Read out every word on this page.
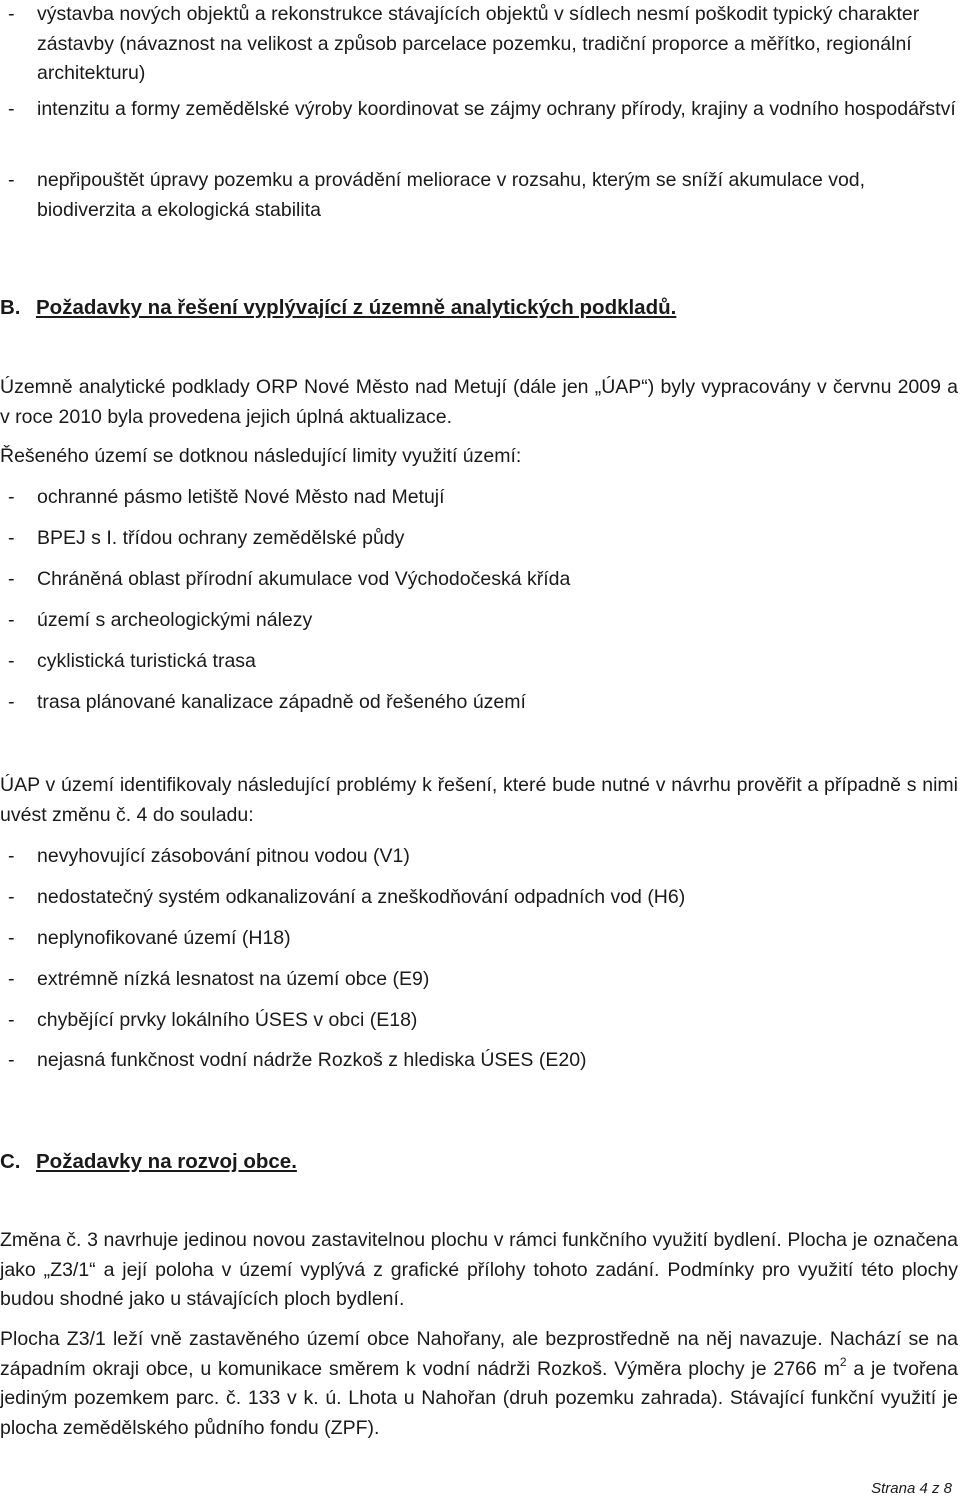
-	výstavba nových objektů a rekonstrukce stávajících objektů v sídlech nesmí poškodit typický charakter zástavby (návaznost na velikost a způsob parcelace pozemku, tradiční proporce a měřítko, regionální architekturu)
-	intenzitu a formy zemědělské výroby koordinovat se zájmy ochrany přírody, krajiny a vodního hospodářství
-	nepřipouštět úpravy pozemku a provádění meliorace v rozsahu, kterým se sníží akumulace vod, biodiverzita a ekologická stabilita
B. Požadavky na řešení vyplývající z územně analytických podkladů.

Územně analytické podklady ORP Nové Město nad Metují (dále jen „ÚAP“) byly vypracovány v červnu 2009 a v roce 2010 byla provedena jejich úplná aktualizace.

Řešeného území se dotknou následující limity využití území:

- ochranné pásmo letiště Nové Město nad Metují
- BPEJ s I. třídou ochrany zemědělské půdy
- Chráněná oblast přírodní akumulace vod Východočeská křída
- území s archeologickými nálezy
- cyklistická turistická trasa
- trasa plánované kanalizace západně od řešeného území

ÚAP v území identifikovaly následující problémy k řešení, které bude nutné v návrhu prověřit a případně s nimi uvést změnu č. 4 do souladu:

- nevyhovující zásobování pitnou vodou (V1)
- nedostatečný systém odkanalizování a zneškodňování odpadních vod (H6)
- neplynofikované území (H18)
- extrémně nízká lesnatost na území obce (E9)
- chybějící prvky lokálního ÚSES v obci (E18)
- nejasná funkčnost vodní nádrže Rozkoš z hlediska ÚSES (E20)
C. Požadavky na rozvoj obce.

Změna č. 3 navrhuje jedinou novou zastavitelnou plochu v rámci funkčního využití bydlení. Plocha je označena jako „Z3/1“ a její poloha v území vyplývá z grafické přílohy tohoto zadání. Podmínky pro využití této plochy budou shodné jako u stávajících ploch bydlení.

Plocha Z3/1 leží vně zastavěného území obce Nahořany, ale bezprostředně na něj navazuje. Nachází se na západním okraji obce, u komunikace směrem k vodní nádrži Rozkoš. Výměra plochy je 2766 $m^2$ a je tvořena jediným pozemkem parc. č. 133 v k. ú. Lhota u Nahořan (druh pozemku zahrada). Stávající funkční využití je plocha zemědělského půdního fondu (ZPF).

Strana 4 z 8
